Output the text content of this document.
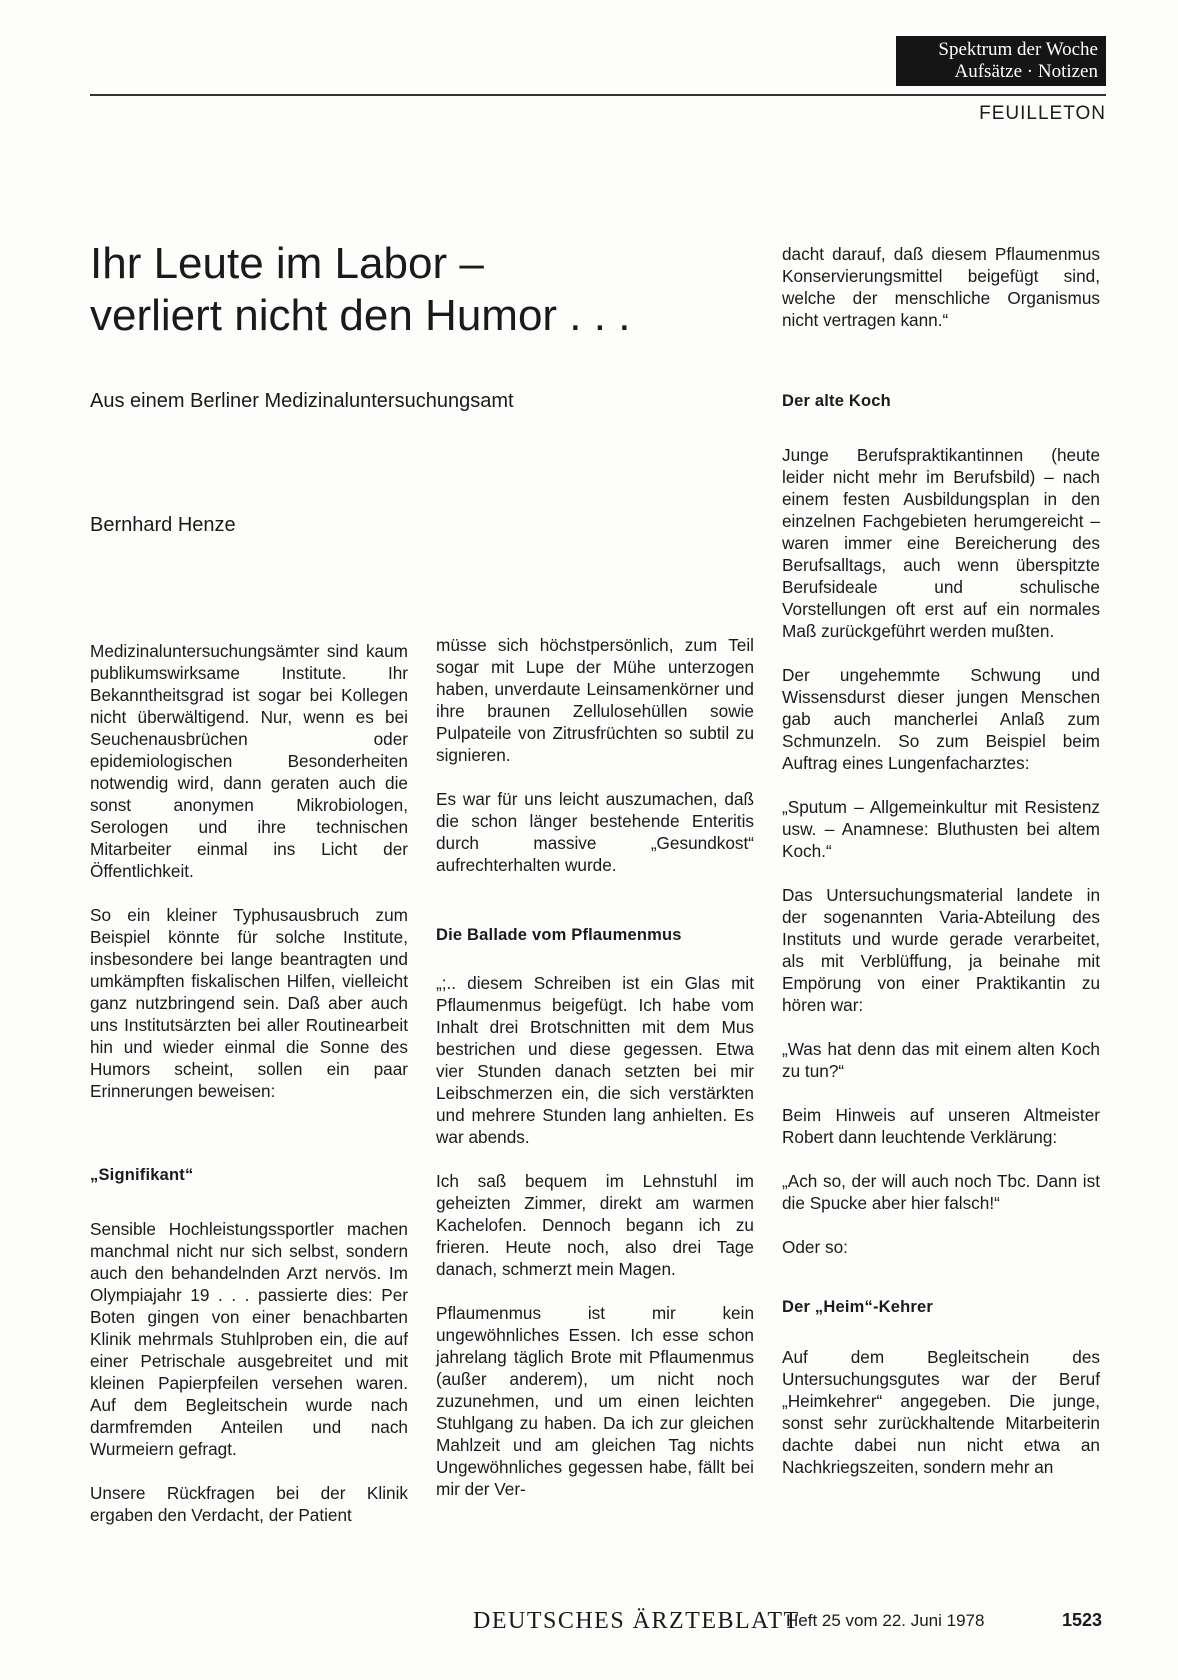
Spektrum der Woche
Aufsätze · Notizen
FEUILLETON
Ihr Leute im Labor –
verliert nicht den Humor . . .
Aus einem Berliner Medizinaluntersuchungsamt
Bernhard Henze

Medizinaluntersuchungsämter sind kaum publikumswirksame Institute. Ihr Bekanntheitsgrad ist sogar bei Kollegen nicht überwältigend. Nur, wenn es bei Seuchenausbrüchen oder epidemiologischen Besonderheiten notwendig wird, dann geraten auch die sonst anonymen Mikrobiologen, Serologen und ihre technischen Mitarbeiter einmal ins Licht der Öffentlichkeit.

So ein kleiner Typhusausbruch zum Beispiel könnte für solche Institute, insbesondere bei lange beantragten und umkämpften fiskalischen Hilfen, vielleicht ganz nutzbringend sein. Daß aber auch uns Institutsärzten bei aller Routinearbeit hin und wieder einmal die Sonne des Humors scheint, sollen ein paar Erinnerungen beweisen:

„Signifikant“

Sensible Hochleistungssportler machen manchmal nicht nur sich selbst, sondern auch den behandelnden Arzt nervös. Im Olympiajahr 19 . . . passierte dies: Per Boten gingen von einer benachbarten Klinik mehrmals Stuhlproben ein, die auf einer Petrischale ausgebreitet und mit kleinen Papierpfeilen versehen waren. Auf dem Begleitschein wurde nach darmfremden Anteilen und nach Wurmeiern gefragt.

Unsere Rückfragen bei der Klinik ergaben den Verdacht, der Patient

müsse sich höchstpersönlich, zum Teil sogar mit Lupe der Mühe unterzogen haben, unverdaute Leinsamenkörner und ihre braunen Zellulosehüllen sowie Pulpateile von Zitrusfrüchten so subtil zu signieren.

Es war für uns leicht auszumachen, daß die schon länger bestehende Enteritis durch massive „Gesundkost“ aufrechterhalten wurde.

Die Ballade vom Pflaumenmus

„;.. diesem Schreiben ist ein Glas mit Pflaumenmus beigefügt. Ich habe vom Inhalt drei Brotschnitten mit dem Mus bestrichen und diese gegessen. Etwa vier Stunden danach setzten bei mir Leibschmerzen ein, die sich verstärkten und mehrere Stunden lang anhielten. Es war abends.

Ich saß bequem im Lehnstuhl im geheizten Zimmer, direkt am warmen Kachelofen. Dennoch begann ich zu frieren. Heute noch, also drei Tage danach, schmerzt mein Magen.

Pflaumenmus ist mir kein ungewöhnliches Essen. Ich esse schon jahrelang täglich Brote mit Pflaumenmus (außer anderem), um nicht noch zuzunehmen, und um einen leichten Stuhlgang zu haben. Da ich zur gleichen Mahlzeit und am gleichen Tag nichts Ungewöhnliches gegessen habe, fällt bei mir der Ver-

dacht darauf, daß diesem Pflaumenmus Konservierungsmittel beigefügt sind, welche der menschliche Organismus nicht vertragen kann.“

Der alte Koch

Junge Berufspraktikantinnen (heute leider nicht mehr im Berufsbild) – nach einem festen Ausbildungsplan in den einzelnen Fachgebieten herumgereicht – waren immer eine Bereicherung des Berufsalltags, auch wenn überspitzte Berufsideale und schulische Vorstellungen oft erst auf ein normales Maß zurückgeführt werden mußten.

Der ungehemmte Schwung und Wissensdurst dieser jungen Menschen gab auch mancherlei Anlaß zum Schmunzeln. So zum Beispiel beim Auftrag eines Lungenfacharztes:

„Sputum – Allgemeinkultur mit Resistenz usw. – Anamnese: Bluthusten bei altem Koch.“

Das Untersuchungsmaterial landete in der sogenannten Varia-Abteilung des Instituts und wurde gerade verarbeitet, als mit Verblüffung, ja beinahe mit Empörung von einer Praktikantin zu hören war:

„Was hat denn das mit einem alten Koch zu tun?“

Beim Hinweis auf unseren Altmeister Robert dann leuchtende Verklärung:

„Ach so, der will auch noch Tbc. Dann ist die Spucke aber hier falsch!“

Oder so:

Der „Heim“-Kehrer

Auf dem Begleitschein des Untersuchungsgutes war der Beruf „Heimkehrer“ angegeben. Die junge, sonst sehr zurückhaltende Mitarbeiterin dachte dabei nun nicht etwa an Nachkriegszeiten, sondern mehr an

DEUTSCHES ÄRZTEBLATT
Heft 25 vom 22. Juni 1978	1523
